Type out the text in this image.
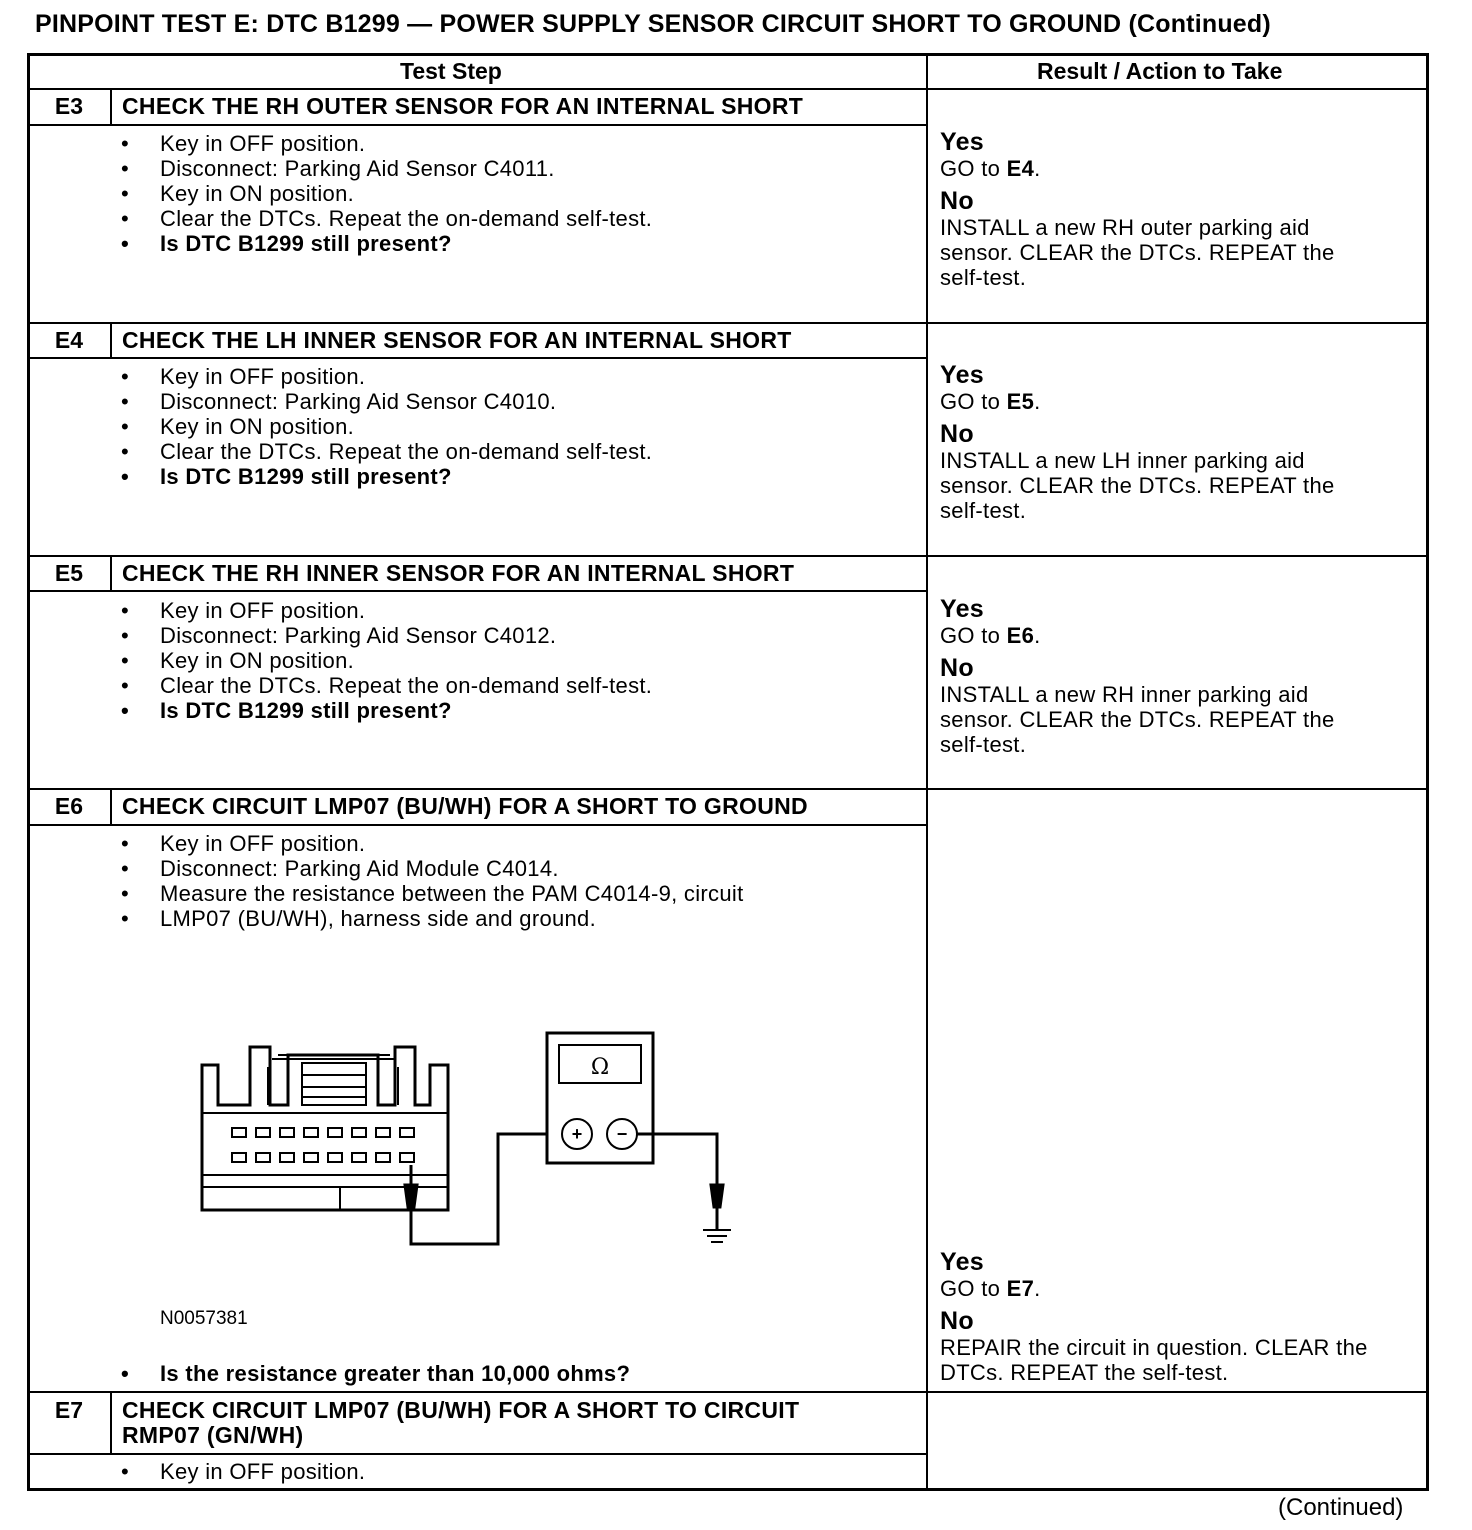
PINPOINT TEST E: DTC B1299 — POWER SUPPLY SENSOR CIRCUIT SHORT TO GROUND (Continued)
Test Step	Result / Action to Take
E3	CHECK THE RH OUTER SENSOR FOR AN INTERNAL SHORT
• Key in OFF position.
• Disconnect: Parking Aid Sensor C4011.
• Key in ON position.
• Clear the DTCs. Repeat the on-demand self-test.
• Is DTC B1299 still present?
Yes
GO to E4.
No
INSTALL a new RH outer parking aid
sensor. CLEAR the DTCs. REPEAT the
self-test.
E4	CHECK THE LH INNER SENSOR FOR AN INTERNAL SHORT
• Key in OFF position.
• Disconnect: Parking Aid Sensor C4010.
• Key in ON position.
• Clear the DTCs. Repeat the on-demand self-test.
• Is DTC B1299 still present?
Yes
GO to E5.
No
INSTALL a new LH inner parking aid
sensor. CLEAR the DTCs. REPEAT the
self-test.
E5	CHECK THE RH INNER SENSOR FOR AN INTERNAL SHORT
• Key in OFF position.
• Disconnect: Parking Aid Sensor C4012.
• Key in ON position.
• Clear the DTCs. Repeat the on-demand self-test.
• Is DTC B1299 still present?
Yes
GO to E6.
No
INSTALL a new RH inner parking aid
sensor. CLEAR the DTCs. REPEAT the
self-test.
E6	CHECK CIRCUIT LMP07 (BU/WH) FOR A SHORT TO GROUND
• Key in OFF position.
• Disconnect: Parking Aid Module C4014.
• Measure the resistance between the PAM C4014-9, circuit
• LMP07 (BU/WH), harness side and ground.
Ω
+ −
N0057381
• Is the resistance greater than 10,000 ohms?
Yes
GO to E7.
No
REPAIR the circuit in question. CLEAR the
DTCs. REPEAT the self-test.
E7	CHECK CIRCUIT LMP07 (BU/WH) FOR A SHORT TO CIRCUIT
RMP07 (GN/WH)
• Key in OFF position.
(Continued)
